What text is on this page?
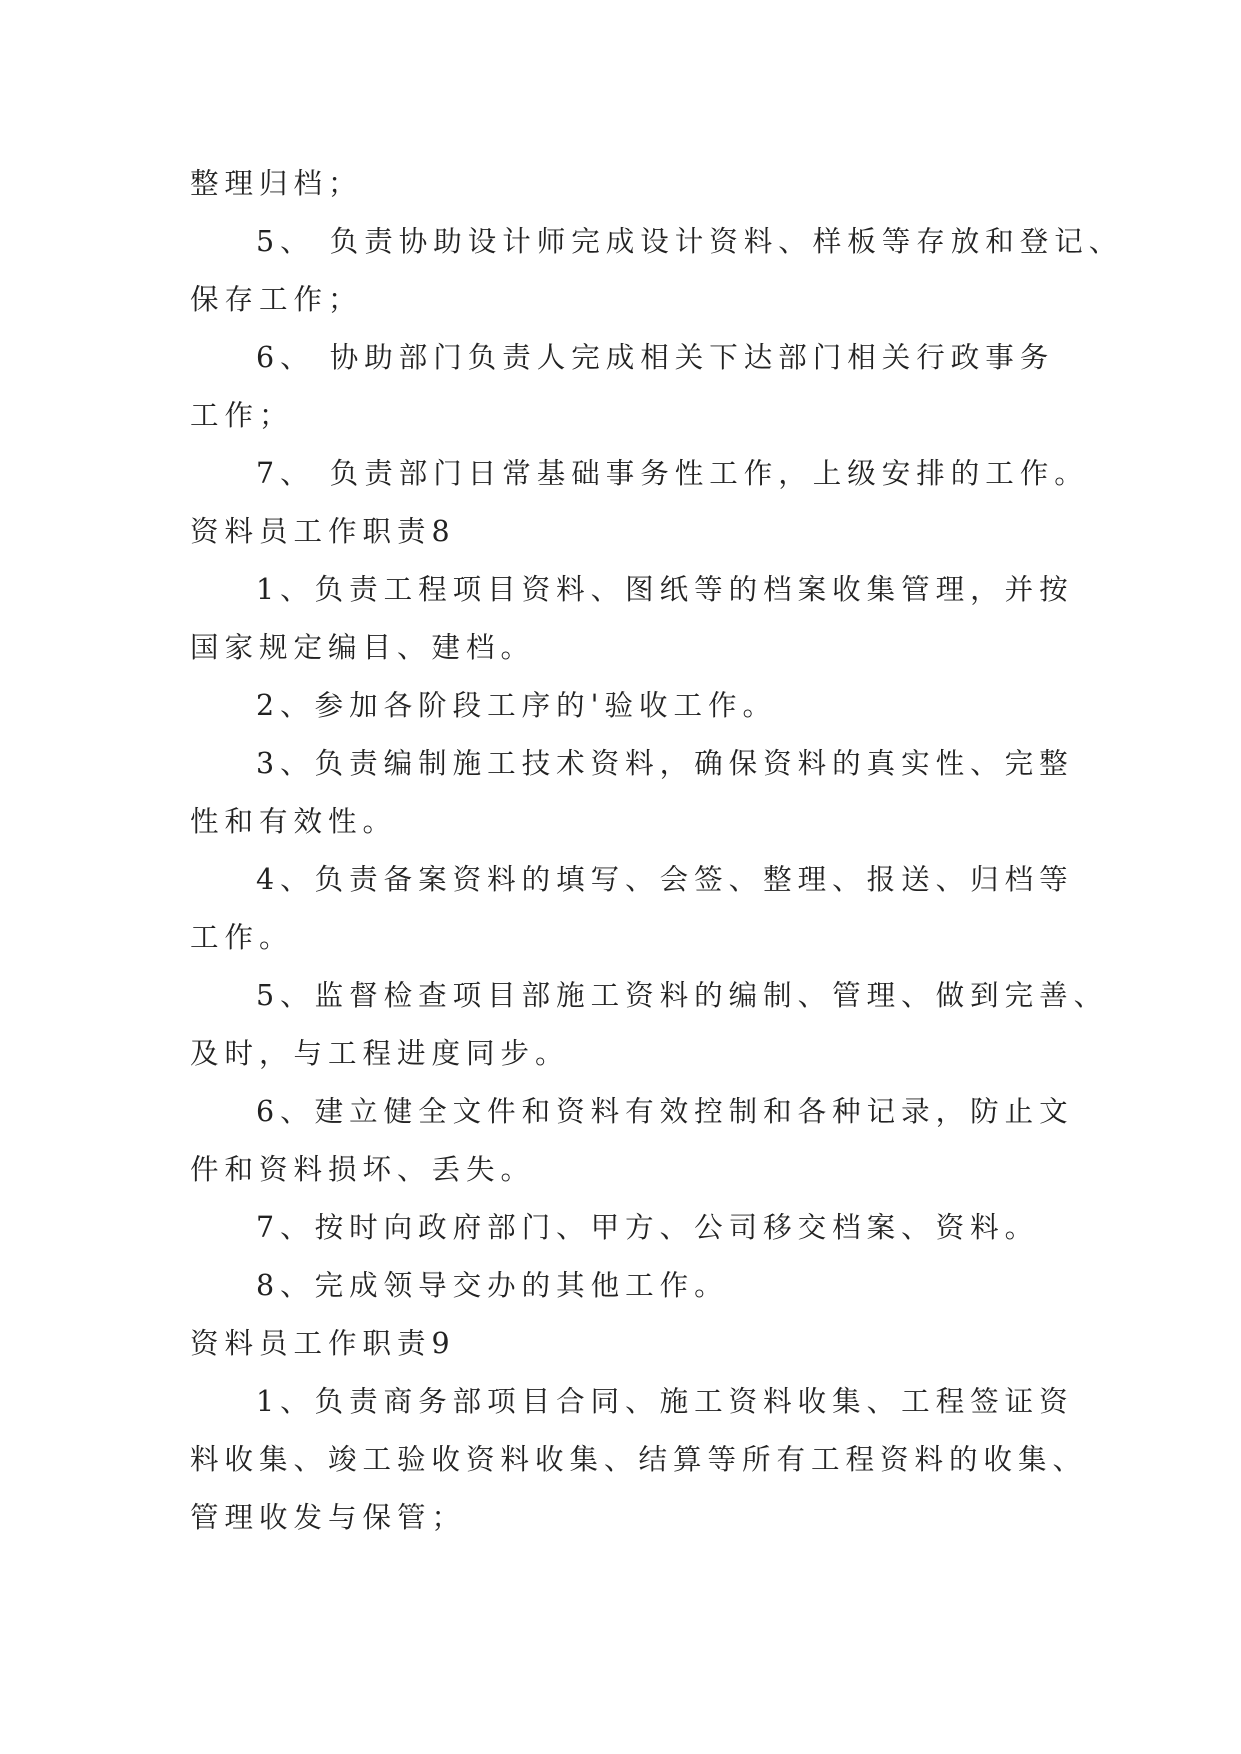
整理归档；
5、 负责协助设计师完成设计资料、样板等存放和登记、
保存工作；
6、 协助部门负责人完成相关下达部门相关行政事务
工作；
7、 负责部门日常基础事务性工作，上级安排的工作。
资料员工作职责8
1、负责工程项目资料、图纸等的档案收集管理，并按
国家规定编目、建档。
2、参加各阶段工序的'验收工作。
3、负责编制施工技术资料，确保资料的真实性、完整
性和有效性。
4、负责备案资料的填写、会签、整理、报送、归档等
工作。
5、监督检查项目部施工资料的编制、管理、做到完善、
及时，与工程进度同步。
6、建立健全文件和资料有效控制和各种记录，防止文
件和资料损坏、丢失。
7、按时向政府部门、甲方、公司移交档案、资料。
8、完成领导交办的其他工作。
资料员工作职责9
1、负责商务部项目合同、施工资料收集、工程签证资
料收集、竣工验收资料收集、结算等所有工程资料的收集、
管理收发与保管；
